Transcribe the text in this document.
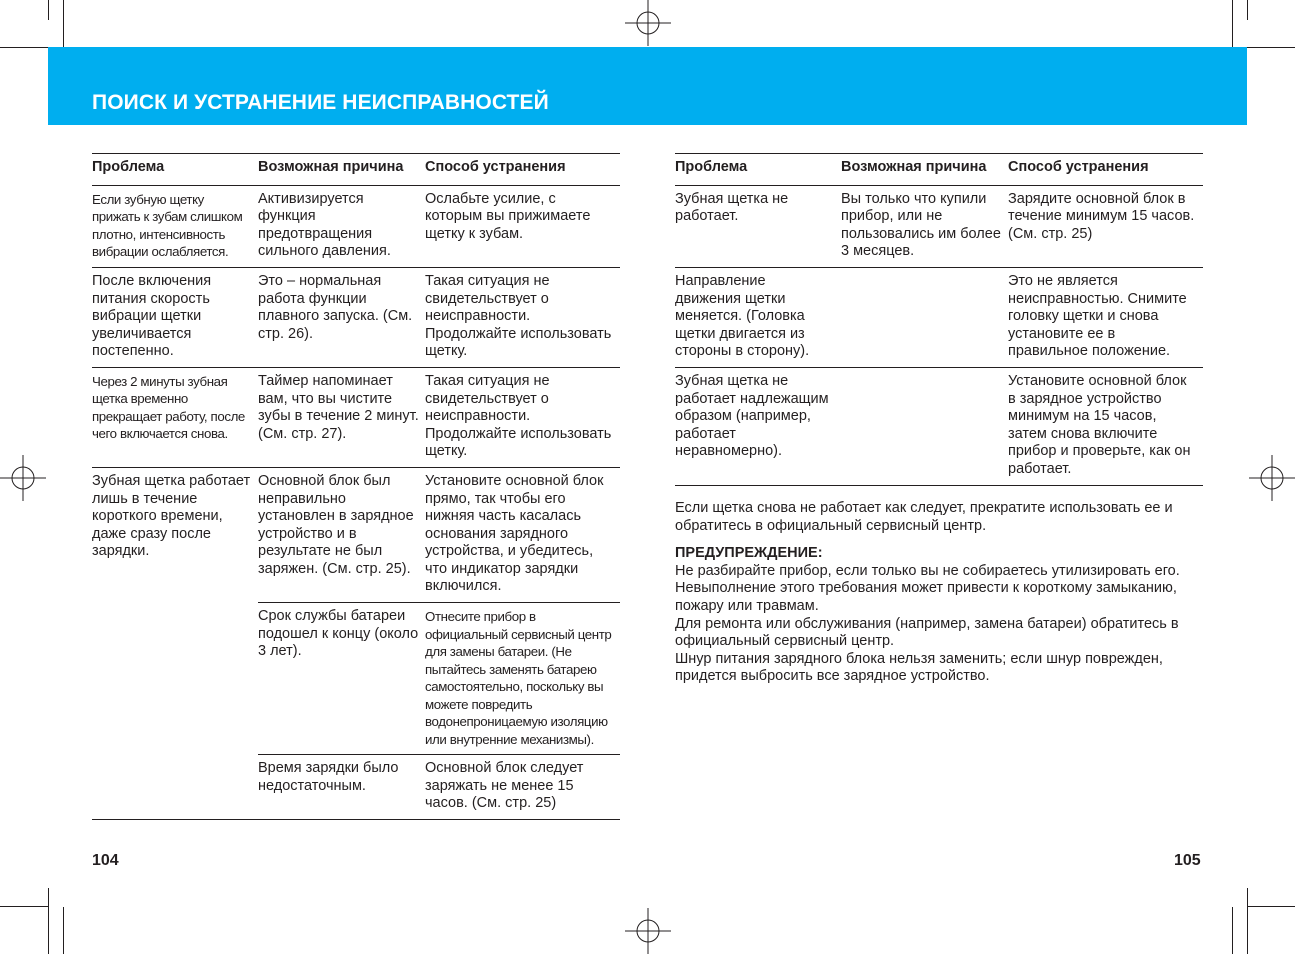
ПОИСК И УСТРАНЕНИЕ НЕИСПРАВНОСТЕЙ
Проблема	Возможная причина	Способ устранения
Если зубную щетку прижать к зубам слишком плотно, интенсивность вибрации ослабляется.	Активизируется функция предотвращения сильного давления.	Ослабьте усилие, с которым вы прижимаете щетку к зубам.
После включения питания скорость вибрации щетки увеличивается постепенно.	Это – нормальная работа функции плавного запуска. (См. стр. 26).	Такая ситуация не свидетельствует о неисправности. Продолжайте использовать щетку.
Через 2 минуты зубная щетка временно прекращает работу, после чего включается снова.	Таймер напоминает вам, что вы чистите зубы в течение 2 минут. (См. стр. 27).	Такая ситуация не свидетельствует о неисправности. Продолжайте использовать щетку.
Зубная щетка работает лишь в течение короткого времени, даже сразу после зарядки.	Основной блок был неправильно установлен в зарядное устройство и в результате не был заряжен. (См. стр. 25).	Установите основной блок прямо, так чтобы его нижняя часть касалась основания зарядного устройства, и убедитесь, что индикатор зарядки включился.
	Срок службы батареи подошел к концу (около 3 лет).	Отнесите прибор в официальный сервисный центр для замены батареи. (Не пытайтесь заменять батарею самостоятельно, поскольку вы можете повредить водонепроницаемую изоляцию или внутренние механизмы).
	Время зарядки было недостаточным.	Основной блок следует заряжать не менее 15 часов. (См. стр. 25)
Проблема	Возможная причина	Способ устранения
Зубная щетка не работает.	Вы только что купили прибор, или не пользовались им более 3 месяцев.	Зарядите основной блок в течение минимум 15 часов. (См. стр. 25)
Направление движения щетки меняется. (Головка щетки двигается из стороны в сторону).		Это не является неисправностью. Снимите головку щетки и снова установите ее в правильное положение.
Зубная щетка не работает надлежащим образом (например, работает неравномерно).		Установите основной блок в зарядное устройство минимум на 15 часов, затем снова включите прибор и проверьте, как он работает.

Если щетка снова не работает как следует, прекратите использовать ее и обратитесь в официальный сервисный центр.

ПРЕДУПРЕЖДЕНИЕ:

Не разбирайте прибор, если только вы не собираетесь утилизировать его.

Невыполнение этого требования может привести к короткому замыканию, пожару или травмам.

Для ремонта или обслуживания (например, замена батареи) обратитесь в официальный сервисный центр.

Шнур питания зарядного блока нельзя заменить; если шнур поврежден, придется выбросить все зарядное устройство.

104	105
